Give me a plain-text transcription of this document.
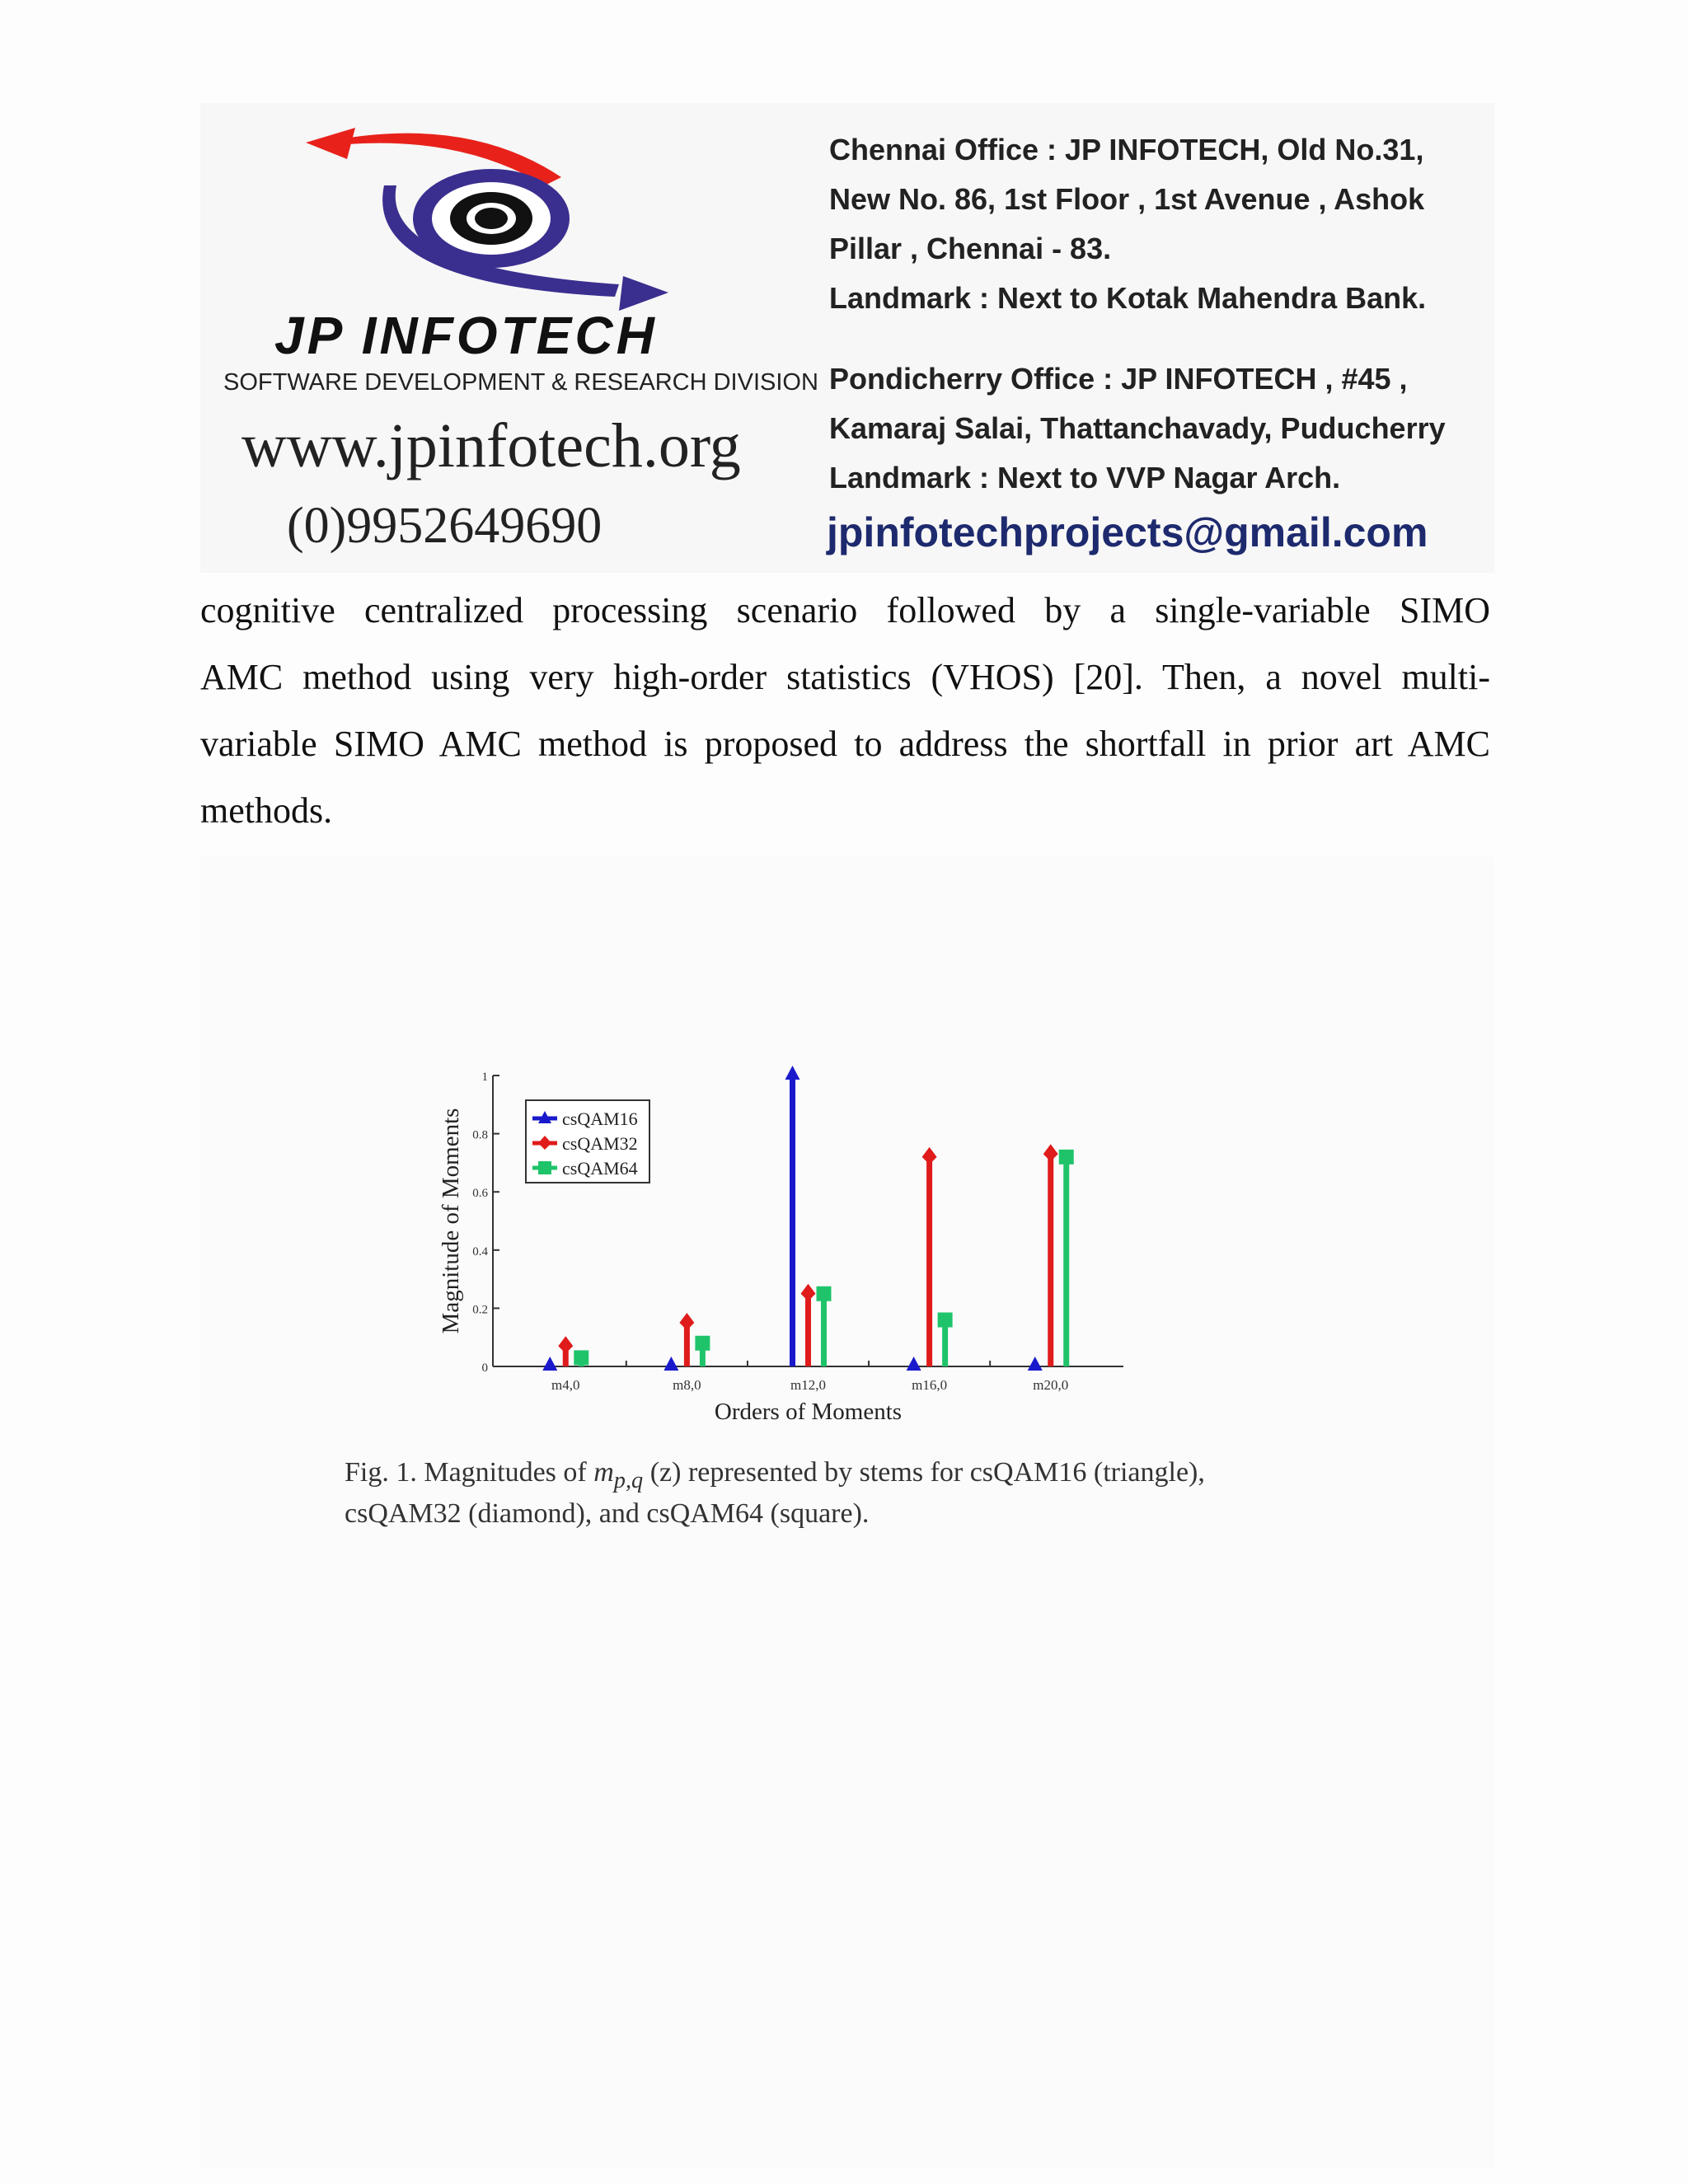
JP INFOTECH
SOFTWARE DEVELOPMENT & RESEARCH DIVISION
www.jpinfotech.org
(0)9952649690
Chennai Office : JP INFOTECH, Old No.31,
New No. 86, 1st Floor , 1st Avenue , Ashok
Pillar , Chennai - 83.
Landmark : Next to Kotak Mahendra Bank.
Pondicherry Office : JP INFOTECH , #45 ,
Kamaraj Salai, Thattanchavady, Puducherry
Landmark : Next to VVP Nagar Arch.
jpinfotechprojects@gmail.com
cognitive centralized processing scenario followed by a single-variable SIMO
AMC method using very high-order statistics (VHOS) [20]. Then, a novel multi-
variable SIMO AMC method is proposed to address the shortfall in prior art AMC
methods.
0
0.2
0.4
0.6
0.8
1
Magnitude of Moments
Orders of Moments
m4,0	m8,0	m12,0	m16,0	m20,0
csQAM16
csQAM32
csQAM64
Fig. 1. Magnitudes of $m_{p,q}$ (z) represented by stems for csQAM16 (triangle),
csQAM32 (diamond), and csQAM64 (square).
